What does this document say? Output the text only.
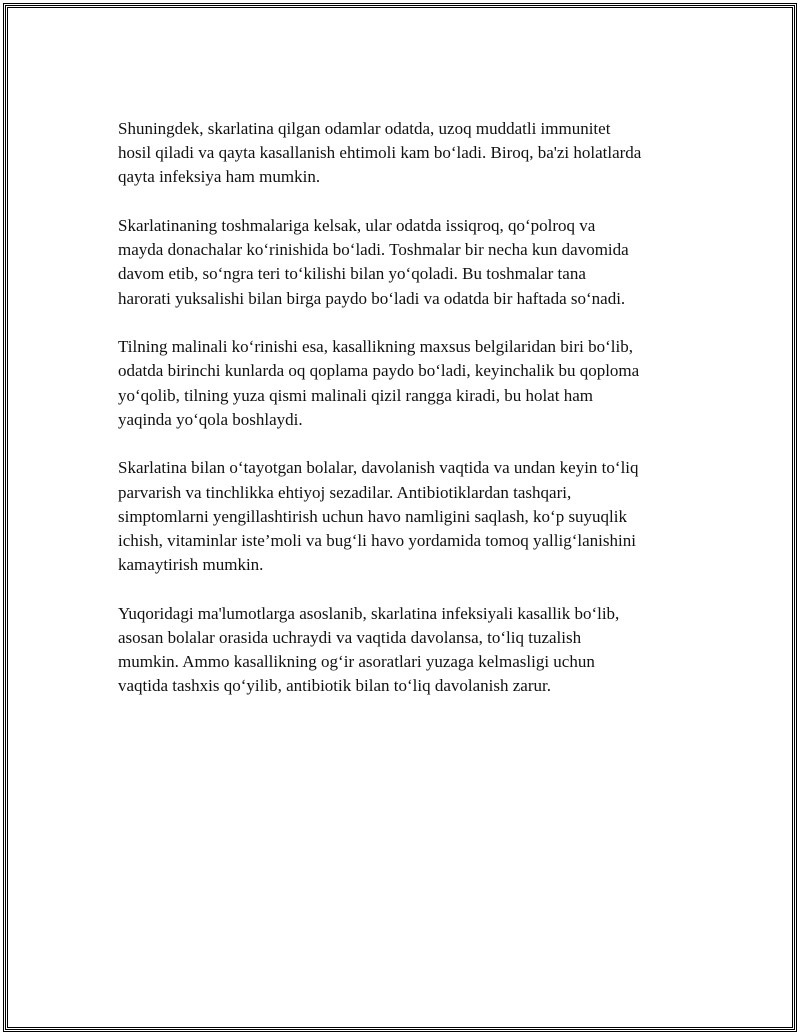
Shuningdek, skarlatina qilgan odamlar odatda, uzoq muddatli immunitet
hosil qiladi va qayta kasallanish ehtimoli kam bo‘ladi. Biroq, ba'zi holatlarda
qayta infeksiya ham mumkin.

Skarlatinaning toshmalariga kelsak, ular odatda issiqroq, qo‘polroq va
mayda donachalar ko‘rinishida bo‘ladi. Toshmalar bir necha kun davomida
davom etib, so‘ngra teri to‘kilishi bilan yo‘qoladi. Bu toshmalar tana
harorati yuksalishi bilan birga paydo bo‘ladi va odatda bir haftada so‘nadi.

Tilning malinali ko‘rinishi esa, kasallikning maxsus belgilaridan biri bo‘lib,
odatda birinchi kunlarda oq qoplama paydo bo‘ladi, keyinchalik bu qoploma
yo‘qolib, tilning yuza qismi malinali qizil rangga kiradi, bu holat ham
yaqinda yo‘qola boshlaydi.

Skarlatina bilan o‘tayotgan bolalar, davolanish vaqtida va undan keyin to‘liq
parvarish va tinchlikka ehtiyoj sezadilar. Antibiotiklardan tashqari,
simptomlarni yengillashtirish uchun havo namligini saqlash, ko‘p suyuqlik
ichish, vitaminlar iste’moli va bug‘li havo yordamida tomoq yallig‘lanishini
kamaytirish mumkin.

Yuqoridagi ma'lumotlarga asoslanib, skarlatina infeksiyali kasallik bo‘lib,
asosan bolalar orasida uchraydi va vaqtida davolansa, to‘liq tuzalish
mumkin. Ammo kasallikning og‘ir asoratlari yuzaga kelmasligi uchun
vaqtida tashxis qo‘yilib, antibiotik bilan to‘liq davolanish zarur.
